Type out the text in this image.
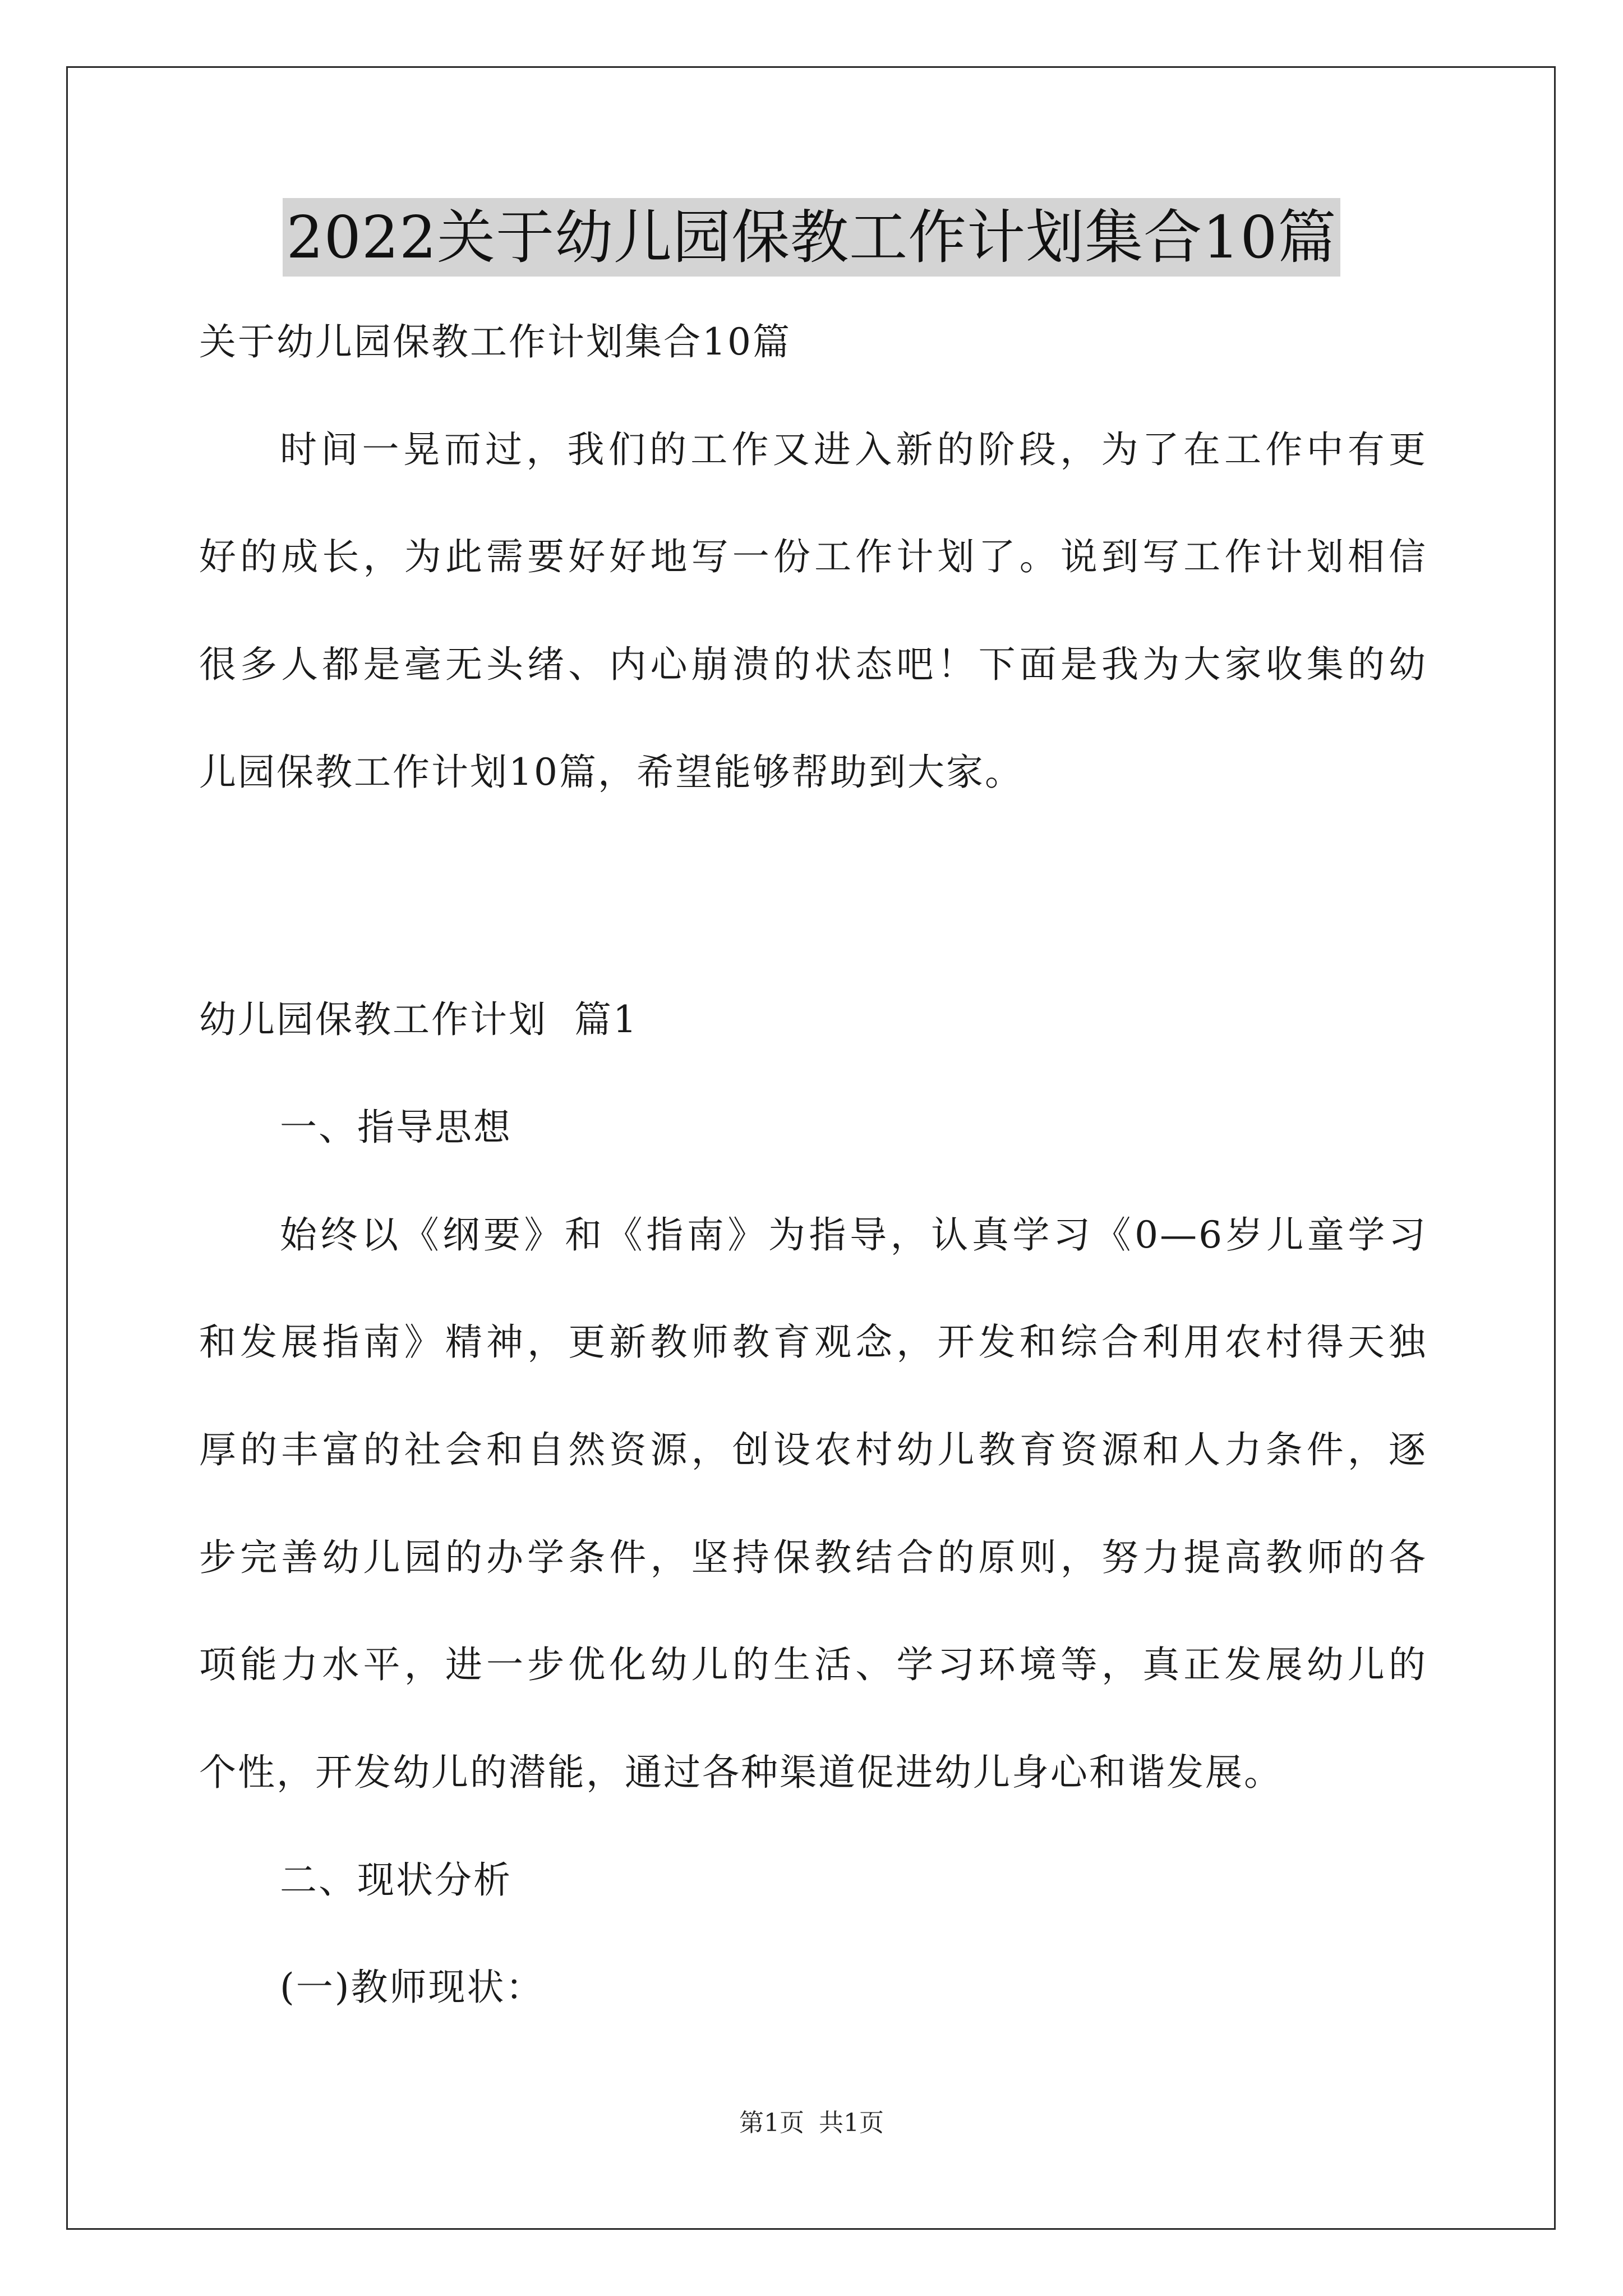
2022关于幼儿园保教工作计划集合10篇
关于幼儿园保教工作计划集合10篇
时间一晃而过，我们的工作又进入新的阶段，为了在工作中有更
好的成长，为此需要好好地写一份工作计划了。说到写工作计划相信
很多人都是毫无头绪、内心崩溃的状态吧！下面是我为大家收集的幼
儿园保教工作计划10篇，希望能够帮助到大家。
幼儿园保教工作计划  篇1
一、指导思想
始终以《纲要》和《指南》为指导，认真学习《0—6岁儿童学习
和发展指南》精神，更新教师教育观念，开发和综合利用农村得天独
厚的丰富的社会和自然资源，创设农村幼儿教育资源和人力条件，逐
步完善幼儿园的办学条件，坚持保教结合的原则，努力提高教师的各
项能力水平，进一步优化幼儿的生活、学习环境等，真正发展幼儿的
个性，开发幼儿的潜能，通过各种渠道促进幼儿身心和谐发展。
二、现状分析
(一)教师现状：
第1页 共1页
